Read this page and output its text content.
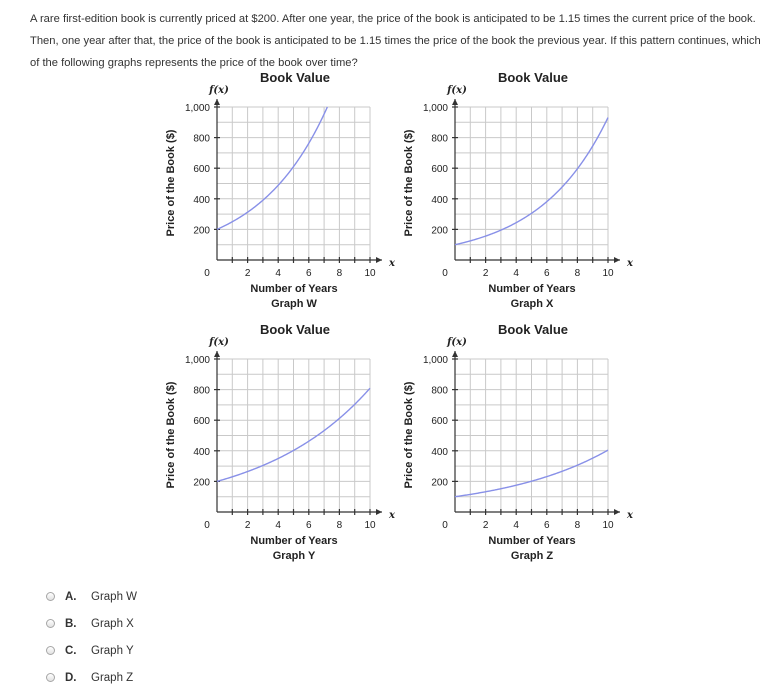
A rare first-edition book is currently priced at $200. After one year, the price of the book is anticipated to be 1.15 times the current price of the book. Then, one year after that, the price of the book is anticipated to be 1.15 times the price of the book the previous year. If this pattern continues, which of the following graphs represents the price of the book over time?
2	4	6	8 10
200
400
600
800
1,000
0
f(x)
x
Book Value
Number of Years
Graph W
Price of the Book ($)
2	4	6	8 10
200
400
600
800
1,000
0
f(x)
x
Book Value
Number of Years
Graph X
Price of the Book ($)
2	4	6	8 10
200
400
600
800
1,000
0
f(x)
x
Book Value
Number of Years
Graph Y
Price of the Book ($)
2	4	6	8 10
200
400
600
800
1,000
0
f(x)
x
Book Value
Number of Years
Graph Z
Price of the Book ($)
A.	Graph W
B.	Graph X
C.	Graph Y
D.	Graph Z
